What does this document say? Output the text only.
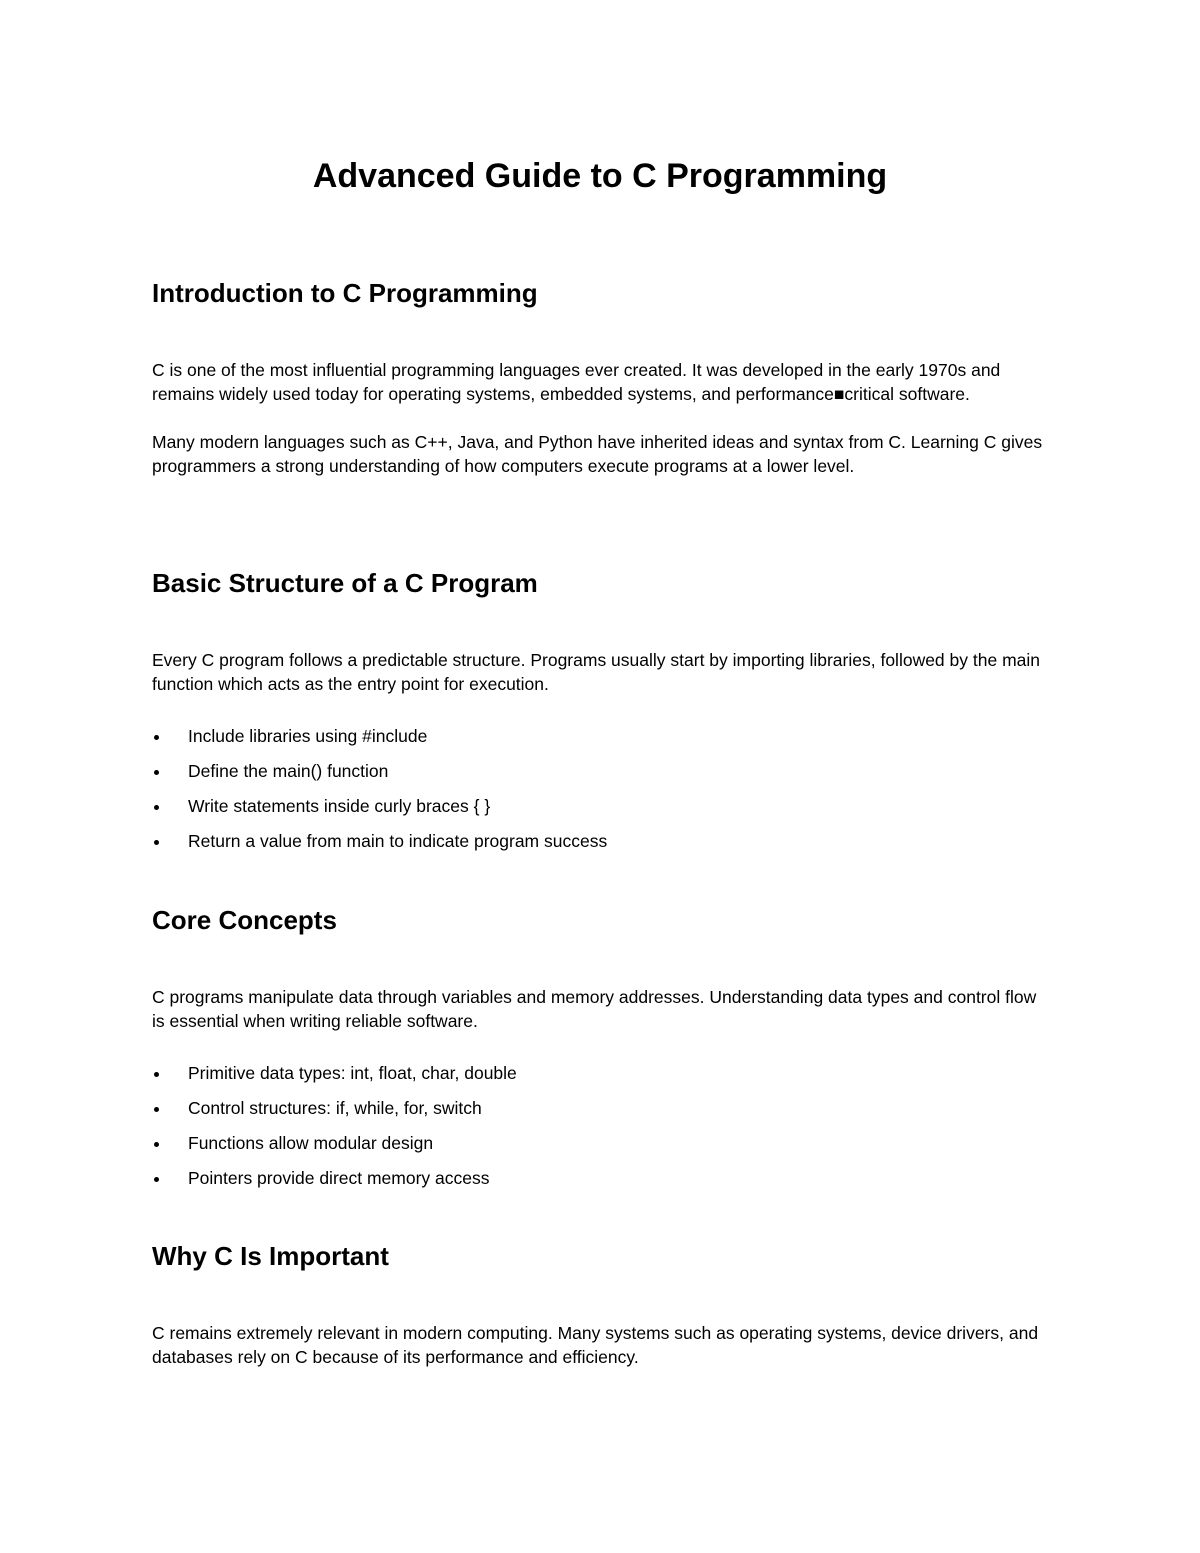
Advanced Guide to C Programming
Introduction to C Programming

C is one of the most influential programming languages ever created. It was developed in the early 1970s and remains widely used today for operating systems, embedded systems, and performance■critical software.

Many modern languages such as C++, Java, and Python have inherited ideas and syntax from C. Learning C gives programmers a strong understanding of how computers execute programs at a lower level.

Basic Structure of a C Program

Every C program follows a predictable structure. Programs usually start by importing libraries, followed by the main function which acts as the entry point for execution.

Include libraries using #include
Define the main() function
Write statements inside curly braces { }
Return a value from main to indicate program success
Core Concepts

C programs manipulate data through variables and memory addresses. Understanding data types and control flow is essential when writing reliable software.

Primitive data types: int, float, char, double
Control structures: if, while, for, switch
Functions allow modular design
Pointers provide direct memory access
Why C Is Important

C remains extremely relevant in modern computing. Many systems such as operating systems, device drivers, and databases rely on C because of its performance and efficiency.
